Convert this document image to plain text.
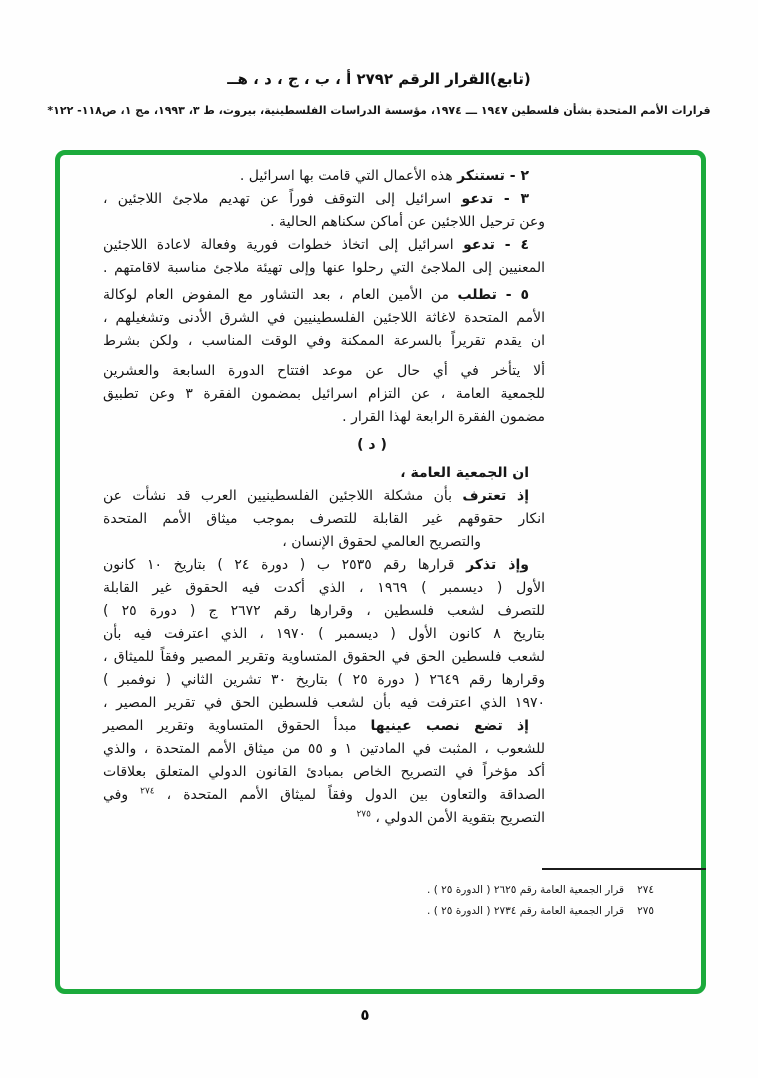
(تابع)القرار الرقم ٢٧٩٢ أ ، ب ، ج ، د ، هــ
قرارات الأمم المتحدة بشأن فلسطين ١٩٤٧ ـــ ١٩٧٤، مؤسسة الدراسات الفلسطينية، بيروت، ط ٣، ١٩٩٣، مج ١، ص١١٨- ١٢٢*
٢ - تستنكر هذه الأعمال التي قامت بها اسرائيل .
٣ - تدعو اسرائيل إلى التوقف فوراً عن تهديم ملاجئ اللاجئين ،
وعن ترحيل اللاجئين عن أماكن سكناهم الحالية .
٤ - تدعو اسرائيل إلى اتخاذ خطوات فورية وفعالة لاعادة اللاجئين
المعنيين إلى الملاجئ التي رحلوا عنها وإلى تهيئة ملاجئ مناسبة لاقامتهم .
٥ - تطلب من الأمين العام ، بعد التشاور مع المفوض العام لوكالة
الأمم المتحدة لاغاثة اللاجئين الفلسطينيين في الشرق الأدنى وتشغيلهم ،
ان يقدم تقريراً بالسرعة الممكنة وفي الوقت المناسب ، ولكن بشرط
ألا يتأخر في أي حال عن موعد افتتاح الدورة السابعة والعشرين
للجمعية العامة ، عن التزام اسرائيل بمضمون الفقرة ٣ وعن تطبيق
مضمون الفقرة الرابعة لهذا القرار .
( د )
ان الجمعية العامة ،
إذ تعترف بأن مشكلة اللاجئين الفلسطينيين العرب قد نشأت عن
انكار حقوقهم غير القابلة للتصرف بموجب ميثاق الأمم المتحدة
والتصريح العالمي لحقوق الإنسان ،
وإذ تذكر قرارها رقم ٢٥٣٥ ب ( دورة ٢٤ ) بتاريخ ١٠ كانون
الأول ( ديسمبر ) ١٩٦٩ ، الذي أكدت فيه الحقوق غير القابلة
للتصرف لشعب فلسطين ، وقرارها رقم ٢٦٧٢ ج ( دورة ٢٥ )
بتاريخ ٨ كانون الأول ( ديسمبر ) ١٩٧٠ ، الذي اعترفت فيه بأن
لشعب فلسطين الحق في الحقوق المتساوية وتقرير المصير وفقاً للميثاق ،
وقرارها رقم ٢٦٤٩ ( دورة ٢٥ ) بتاريخ ٣٠ تشرين الثاني ( نوفمبر )
١٩٧٠ الذي اعترفت فيه بأن لشعب فلسطين الحق في تقرير المصير ،
إذ تضع نصب عينيها مبدأ الحقوق المتساوية وتقرير المصير
للشعوب ، المثبت في المادتين ١ و ٥٥ من ميثاق الأمم المتحدة ، والذي
أكد مؤخراً في التصريح الخاص بمبادئ القانون الدولي المتعلق بعلاقات
الصداقة والتعاون بين الدول وفقاً لميثاق الأمم المتحدة ، $^{٢٧٤}$ وفي
التصريح بتقوية الأمن الدولي ، $^{٢٧٥}$
٢٧٤قرار الجمعية العامة رقم ٢٦٢٥ ( الدورة ٢٥ ) .
٢٧٥قرار الجمعية العامة رقم ٢٧٣٤ ( الدورة ٢٥ ) .
٥
